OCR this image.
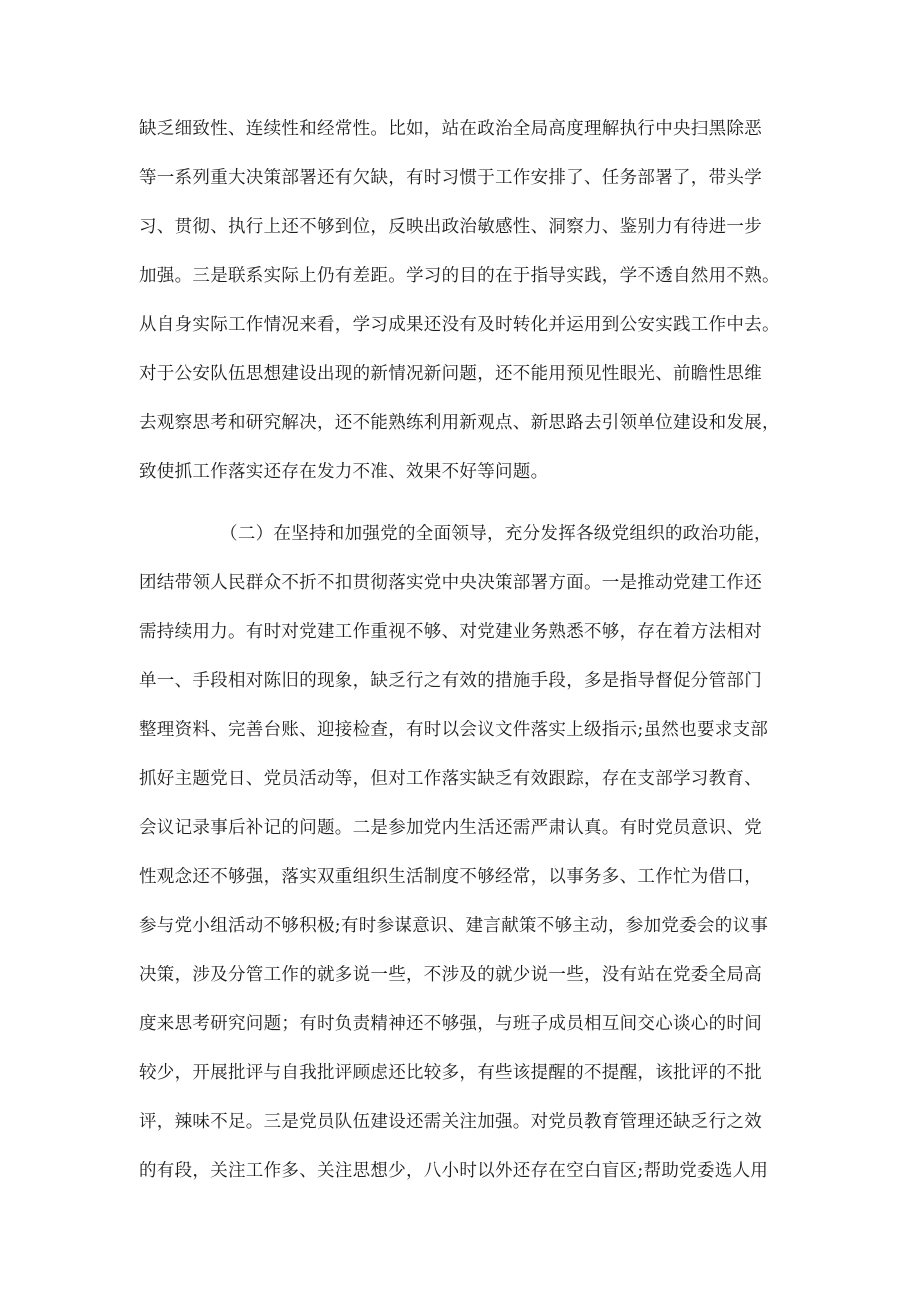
缺乏细致性、连续性和经常性。比如，站在政治全局高度理解执行中央扫黑除恶
等一系列重大决策部署还有欠缺，有时习惯于工作安排了、任务部署了，带头学
习、贯彻、执行上还不够到位，反映出政治敏感性、洞察力、鉴别力有待进一步
加强。三是联系实际上仍有差距。学习的目的在于指导实践，学不透自然用不熟。
从自身实际工作情况来看，学习成果还没有及时转化并运用到公安实践工作中去。
对于公安队伍思想建设出现的新情况新问题，还不能用预见性眼光、前瞻性思维
去观察思考和研究解决，还不能熟练利用新观点、新思路去引领单位建设和发展，
致使抓工作落实还存在发力不准、效果不好等问题。
（二）在坚持和加强党的全面领导，充分发挥各级党组织的政治功能，
团结带领人民群众不折不扣贯彻落实党中央决策部署方面。一是推动党建工作还
需持续用力。有时对党建工作重视不够、对党建业务熟悉不够，存在着方法相对
单一、手段相对陈旧的现象，缺乏行之有效的措施手段，多是指导督促分管部门
整理资料、完善台账、迎接检查，有时以会议文件落实上级指示;虽然也要求支部
抓好主题党日、党员活动等，但对工作落实缺乏有效跟踪，存在支部学习教育、
会议记录事后补记的问题。二是参加党内生活还需严肃认真。有时党员意识、党
性观念还不够强，落实双重组织生活制度不够经常，以事务多、工作忙为借口，
参与党小组活动不够积极;有时参谋意识、建言献策不够主动，参加党委会的议事
决策，涉及分管工作的就多说一些，不涉及的就少说一些，没有站在党委全局高
度来思考研究问题；有时负责精神还不够强，与班子成员相互间交心谈心的时间
较少，开展批评与自我批评顾虑还比较多，有些该提醒的不提醒，该批评的不批
评，辣味不足。三是党员队伍建设还需关注加强。对党员教育管理还缺乏行之效
的有段，关注工作多、关注思想少，八小时以外还存在空白盲区;帮助党委选人用
